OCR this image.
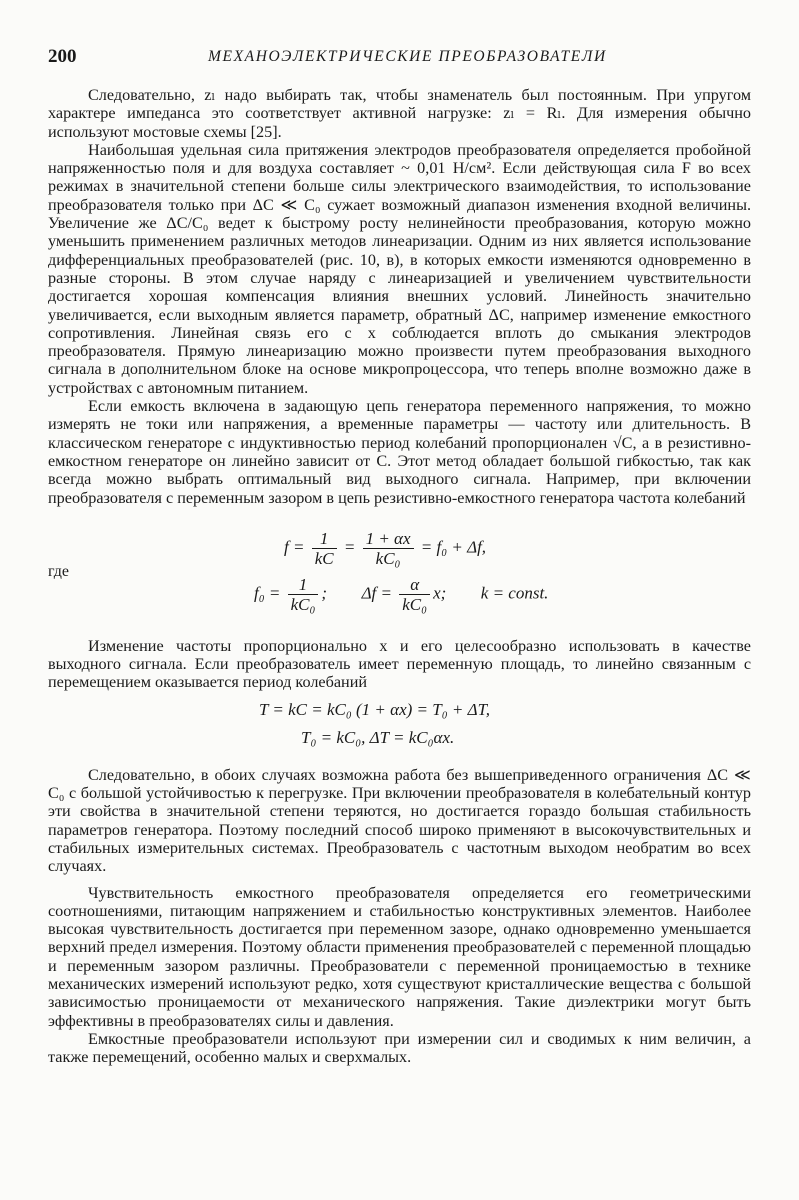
200	МЕХАНОЭЛЕКТРИЧЕСКИЕ ПРЕОБРАЗОВАТЕЛИ

Следовательно, zₗ надо выбирать так, чтобы знаменатель был постоянным. При упругом характере импеданса это соответствует активной нагрузке: zₗ = Rₗ. Для измерения обычно используют мостовые схемы [25].

Наибольшая удельная сила притяжения электродов преобразователя определяется пробойной напряженностью поля и для воздуха составляет ~ 0,01 Н/см². Если действующая сила F во всех режимах в значительной степени больше силы электрического взаимодействия, то использование преобразователя только при ΔC ≪ C₀ сужает возможный диапазон изменения входной величины. Увеличение же ΔC/C₀ ведет к быстрому росту нелинейности преобразования, которую можно уменьшить применением различных методов линеаризации. Одним из них является использование дифференциальных преобразователей (рис. 10, в), в которых емкости изменяются одновременно в разные стороны. В этом случае наряду с линеаризацией и увеличением чувствительности достигается хорошая компенсация влияния внешних условий. Линейность значительно увеличивается, если выходным является параметр, обратный ΔC, например изменение емкостного сопротивления. Линейная связь его с x соблюдается вплоть до смыкания электродов преобразователя. Прямую линеаризацию можно произвести путем преобразования выходного сигнала в дополнительном блоке на основе микропроцессора, что теперь вполне возможно даже в устройствах с автономным питанием.

Если емкость включена в задающую цепь генератора переменного напряжения, то можно измерять не токи или напряжения, а временные параметры — частоту или длительность. В классическом генераторе с индуктивностью период колебаний пропорционален √C, а в резистивно-емкостном генераторе он линейно зависит от C. Этот метод обладает большой гибкостью, так как всегда можно выбрать оптимальный вид выходного сигнала. Например, при включении преобразователя с переменным зазором в цепь резистивно-емкостного генератора частота колебаний

$f = \frac{1}{kC} = \frac{1 + \alpha x}{\text{kC₀}} = f_0 + \Delta f$,
где
$f_0 = \frac{1}{\text{kC₀}}$ ; $\Delta f = \frac{\alpha}{\text{kC₀}} x$; k = const.

Изменение частоты пропорционально x и его целесообразно использовать в качестве выходного сигнала. Если преобразователь имеет переменную площадь, то линейно связанным с перемещением оказывается период колебаний

T = kC = kC₀ (1 + αx) = T₀ + ΔT,
T₀ = kC₀, ΔT = kC₀αx.

Следовательно, в обоих случаях возможна работа без вышеприведенного ограничения ΔC ≪ C₀ с большой устойчивостью к перегрузке. При включении преобразователя в колебательный контур эти свойства в значительной степени теряются, но достигается гораздо большая стабильность параметров генератора. Поэтому последний способ широко применяют в высокочувствительных и стабильных измерительных системах. Преобразователь с частотным выходом необратим во всех случаях.

Чувствительность емкостного преобразователя определяется его геометрическими соотношениями, питающим напряжением и стабильностью конструктивных элементов. Наиболее высокая чувствительность достигается при переменном зазоре, однако одновременно уменьшается верхний предел измерения. Поэтому области применения преобразователей с переменной площадью и переменным зазором различны. Преобразователи с переменной проницаемостью в технике механических измерений используют редко, хотя существуют кристаллические вещества с большой зависимостью проницаемости от механического напряжения. Такие диэлектрики могут быть эффективны в преобразователях силы и давления.

Емкостные преобразователи используют при измерении сил и сводимых к ним величин, а также перемещений, особенно малых и сверхмалых.
